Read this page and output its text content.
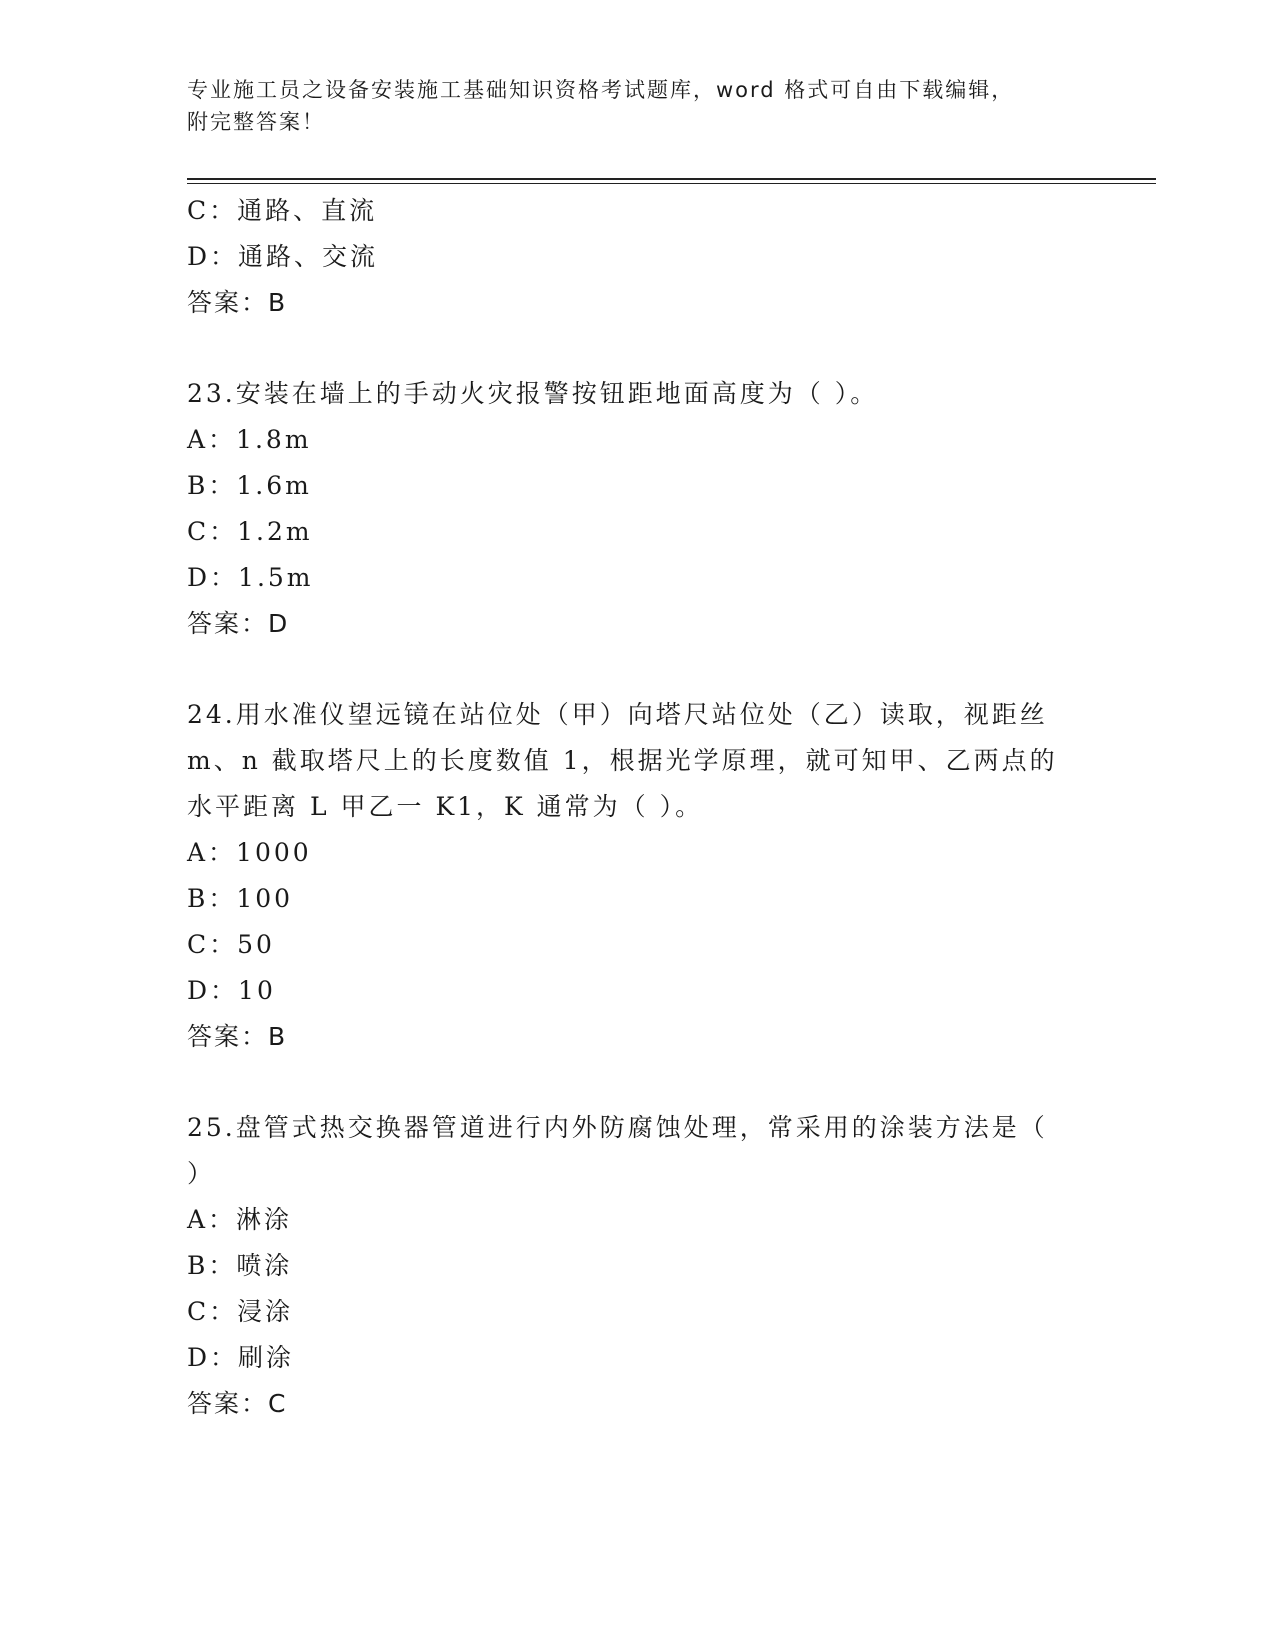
专业施工员之设备安装施工基础知识资格考试题库，word 格式可自由下载编辑，
附完整答案！
C：通路、直流
D：通路、交流
答案：B
23.安装在墙上的手动火灾报警按钮距地面高度为（ ）。
A：1.8m
B：1.6m
C：1.2m
D：1.5m
答案：D
24.用水准仪望远镜在站位处（甲）向塔尺站位处（乙）读取，视距丝
m、n 截取塔尺上的长度数值 1，根据光学原理，就可知甲、乙两点的
水平距离 L 甲乙一 K1，K 通常为（ ）。
A：1000
B：100
C：50
D：10
答案：B
25.盘管式热交换器管道进行内外防腐蚀处理，常采用的涂装方法是（
）
A：淋涂
B：喷涂
C：浸涂
D：刷涂
答案：C
